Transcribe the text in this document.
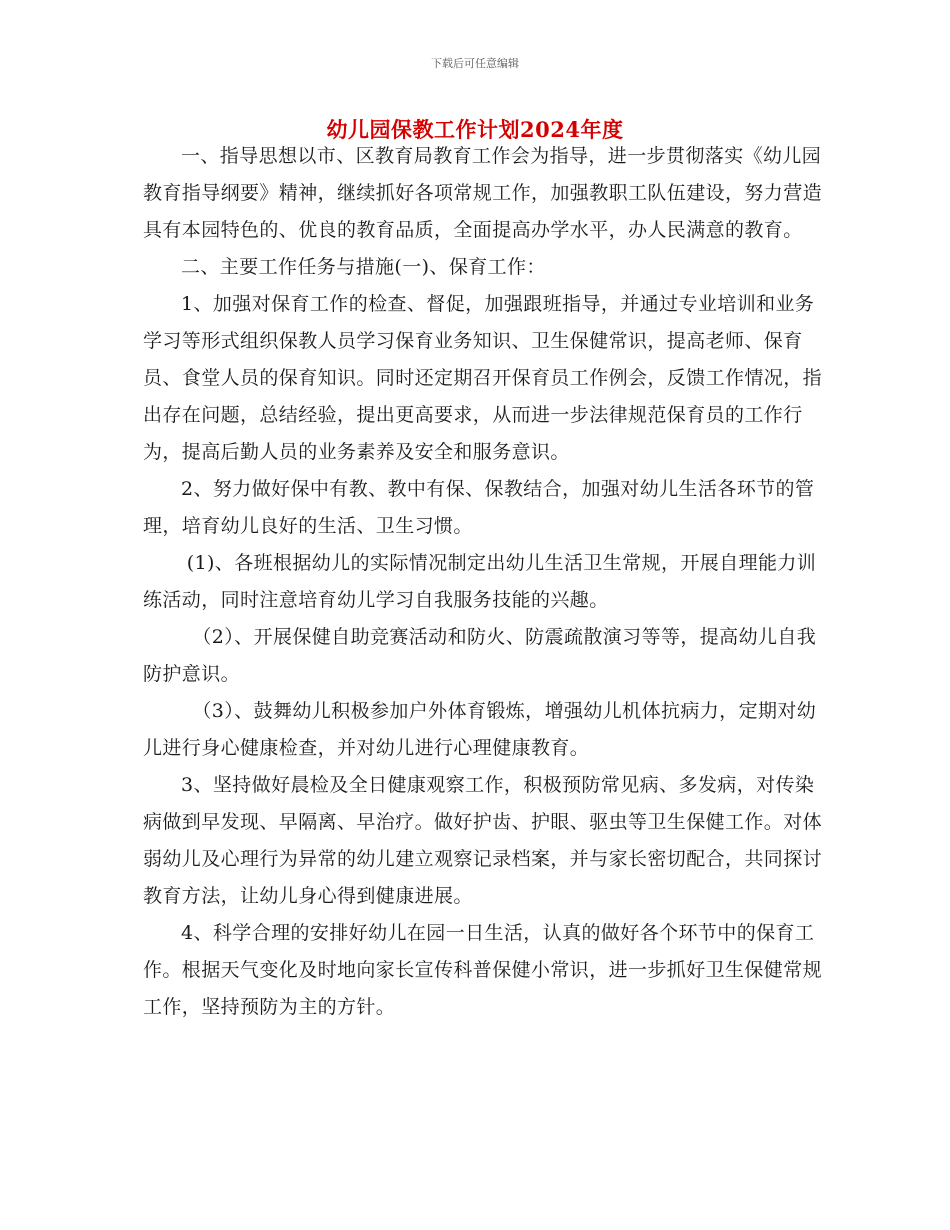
下载后可任意编辑
幼儿园保教工作计划2024年度

一、指导思想以市、区教育局教育工作会为指导，进一步贯彻落实《幼儿园教育指导纲要》精神，继续抓好各项常规工作，加强教职工队伍建设，努力营造具有本园特色的、优良的教育品质，全面提高办学水平，办人民满意的教育。

二、主要工作任务与措施(一)、保育工作：

1、加强对保育工作的检查、督促，加强跟班指导，并通过专业培训和业务学习等形式组织保教人员学习保育业务知识、卫生保健常识，提高老师、保育员、食堂人员的保育知识。同时还定期召开保育员工作例会，反馈工作情况，指出存在问题，总结经验，提出更高要求，从而进一步法律规范保育员的工作行为，提高后勤人员的业务素养及安全和服务意识。

2、努力做好保中有教、教中有保、保教结合，加强对幼儿生活各环节的管理，培育幼儿良好的生活、卫生习惯。

(1)、各班根据幼儿的实际情况制定出幼儿生活卫生常规，开展自理能力训练活动，同时注意培育幼儿学习自我服务技能的兴趣。

（2）、开展保健自助竞赛活动和防火、防震疏散演习等等，提高幼儿自我防护意识。

（3）、鼓舞幼儿积极参加户外体育锻炼，增强幼儿机体抗病力，定期对幼儿进行身心健康检查，并对幼儿进行心理健康教育。

3、坚持做好晨检及全日健康观察工作，积极预防常见病、多发病，对传染病做到早发现、早隔离、早治疗。做好护齿、护眼、驱虫等卫生保健工作。对体弱幼儿及心理行为异常的幼儿建立观察记录档案，并与家长密切配合，共同探讨教育方法，让幼儿身心得到健康进展。

4、科学合理的安排好幼儿在园一日生活，认真的做好各个环节中的保育工作。根据天气变化及时地向家长宣传科普保健小常识，进一步抓好卫生保健常规工作，坚持预防为主的方针。
